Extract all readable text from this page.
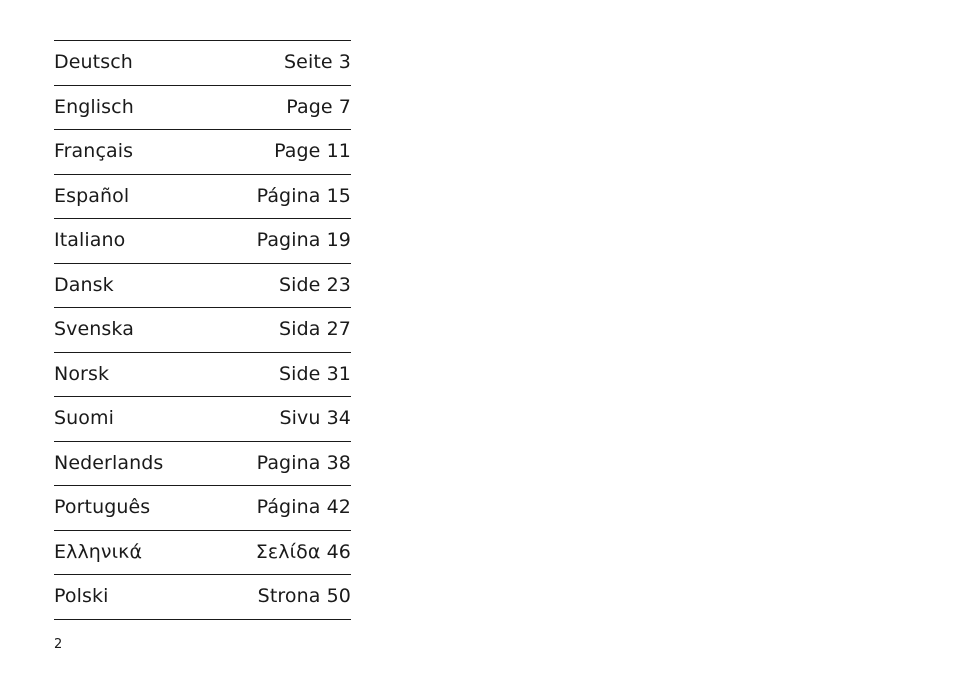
Deutsch	Seite 3
Englisch	Page 7
Français	Page 11
Español	Página 15
Italiano	Pagina 19
Dansk	Side 23
Svenska	Sida 27
Norsk	Side 31
Suomi	Sivu 34
Nederlands	Pagina 38
Português	Página 42
Ελληνικά	Σελίδα 46
Polski	Strona 50
2
